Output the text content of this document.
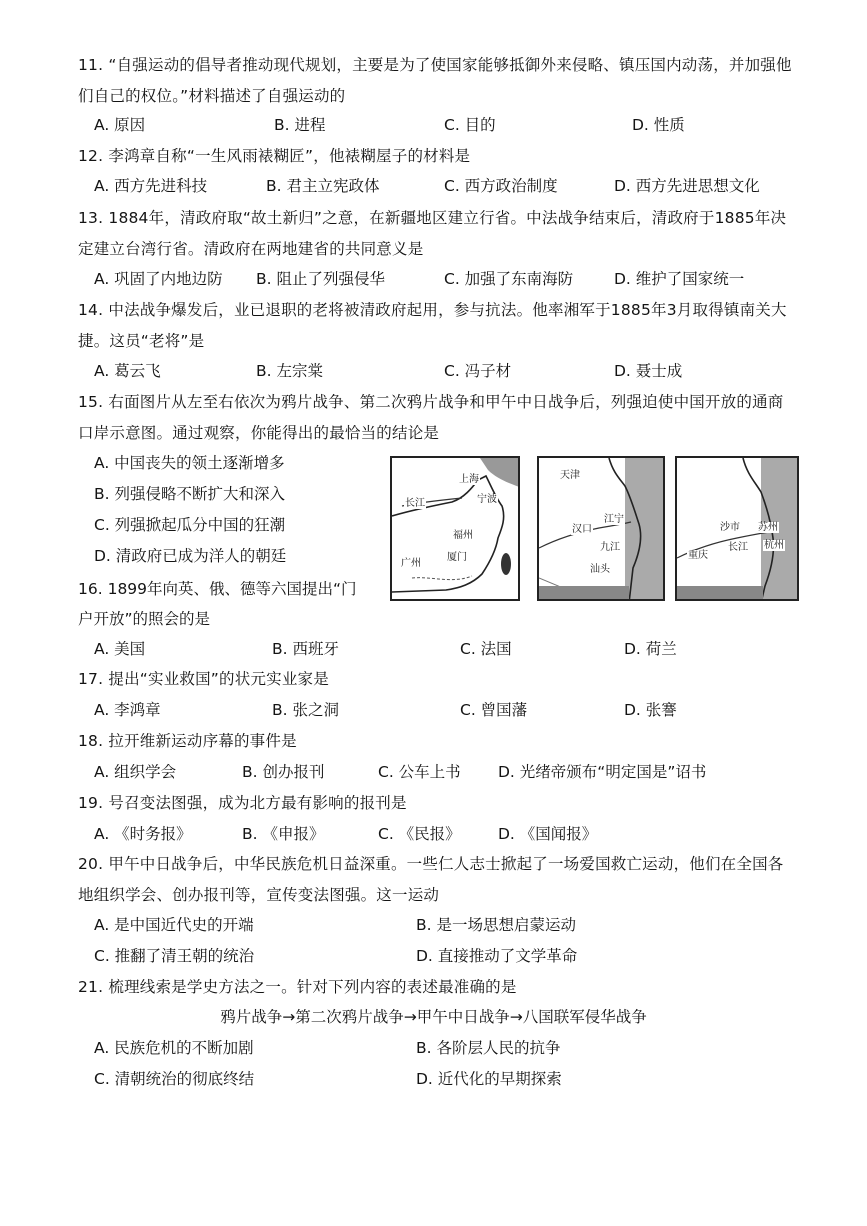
11. “自强运动的倡导者推动现代规划，主要是为了使国家能够抵御外来侵略、镇压国内动荡，并加强他们自己的权位。”材料描述了自强运动的
A. 原因	B. 进程	C. 目的	D. 性质
12. 李鸿章自称“一生风雨裱糊匠”，他裱糊屋子的材料是
A. 西方先进科技	B. 君主立宪政体	C. 西方政治制度	D. 西方先进思想文化
13. 1884年，清政府取“故土新归”之意，在新疆地区建立行省。中法战争结束后，清政府于1885年决定建立台湾行省。清政府在两地建省的共同意义是
A. 巩固了内地边防 B. 阻止了列强侵华	C. 加强了东南海防	D. 维护了国家统一
14. 中法战争爆发后，业已退职的老将被清政府起用，参与抗法。他率湘军于1885年3月取得镇南关大捷。这员“老将”是
A. 葛云飞	B. 左宗棠	C. 冯子材	D. 聂士成
15. 右面图片从左至右依次为鸦片战争、第二次鸦片战争和甲午中日战争后，列强迫使中国开放的通商口岸示意图。通过观察，你能得出的最恰当的结论是
A. 中国丧失的领土逐渐增多
B. 列强侵略不断扩大和深入
C. 列强掀起瓜分中国的狂潮
D. 清政府已成为洋人的朝廷
长江
上海
宁波
福州
厦门
广州
天津
汉口
江宁
九江
汕头
沙市 苏州
杭州
重庆
长江
16. 1899年向英、俄、德等六国提出“门
户开放”的照会的是
A. 美国	B. 西班牙	C. 法国	D. 荷兰
17. 提出“实业救国”的状元实业家是
A. 李鸿章	B. 张之洞	C. 曾国藩	D. 张謇
18. 拉开维新运动序幕的事件是
A. 组织学会	B. 创办报刊	C. 公车上书 D. 光绪帝颁布“明定国是”诏书
19. 号召变法图强，成为北方最有影响的报刊是
A. 《时务报》	B. 《申报》	C. 《民报》 D. 《国闻报》
20. 甲午中日战争后，中华民族危机日益深重。一些仁人志士掀起了一场爱国救亡运动，他们在全国各地组织学会、创办报刊等，宣传变法图强。这一运动
A. 是中国近代史的开端	B. 是一场思想启蒙运动
C. 推翻了清王朝的统治	D. 直接推动了文学革命
21. 梳理线索是学史方法之一。针对下列内容的表述最准确的是
鸦片战争→第二次鸦片战争→甲午中日战争→八国联军侵华战争
A. 民族危机的不断加剧	B. 各阶层人民的抗争
C. 清朝统治的彻底终结	D. 近代化的早期探索
